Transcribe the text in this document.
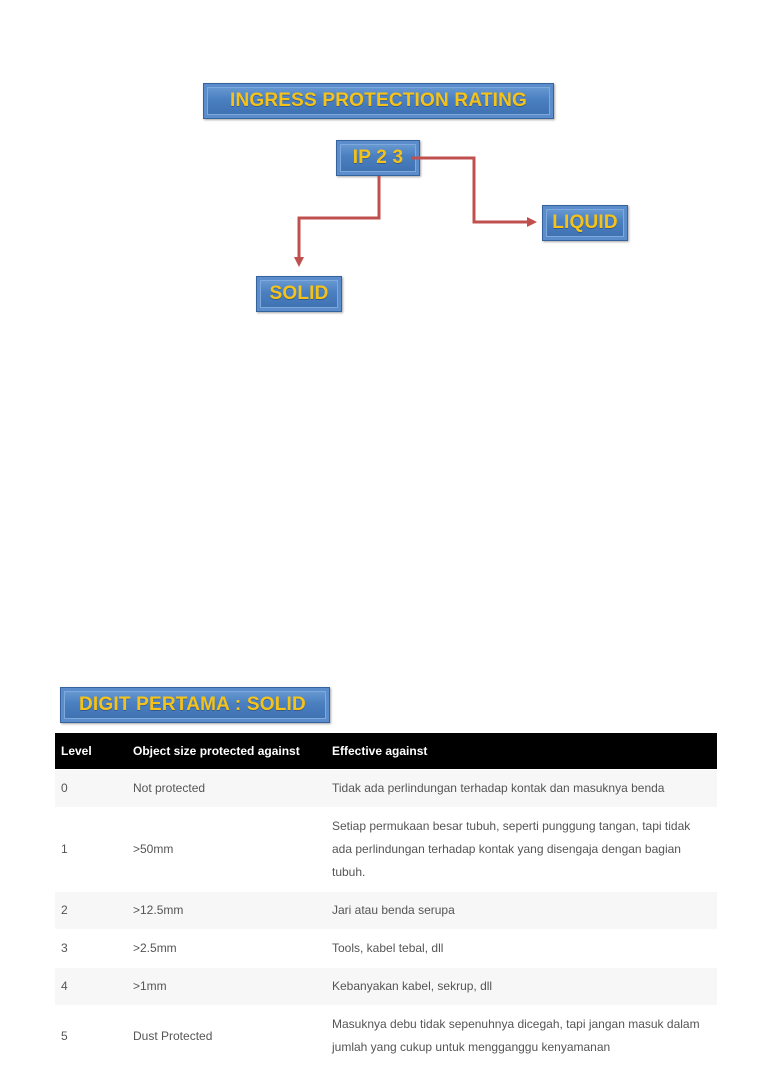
INGRESS PROTECTION RATING
IP 2 3
LIQUID
SOLID
DIGIT PERTAMA : SOLID
Level	Object size protected against	Effective against
0	Not protected	Tidak ada perlindungan terhadap kontak dan masuknya benda
1	>50mm	Setiap permukaan besar tubuh, seperti punggung tangan, tapi tidak ada perlindungan terhadap kontak yang disengaja dengan bagian tubuh.
2	>12.5mm	Jari atau benda serupa
3	>2.5mm	Tools, kabel tebal, dll
4	>1mm	Kebanyakan kabel, sekrup, dll
5	Dust Protected	Masuknya debu tidak sepenuhnya dicegah, tapi jangan masuk dalam jumlah yang cukup untuk mengganggu kenyamanan
